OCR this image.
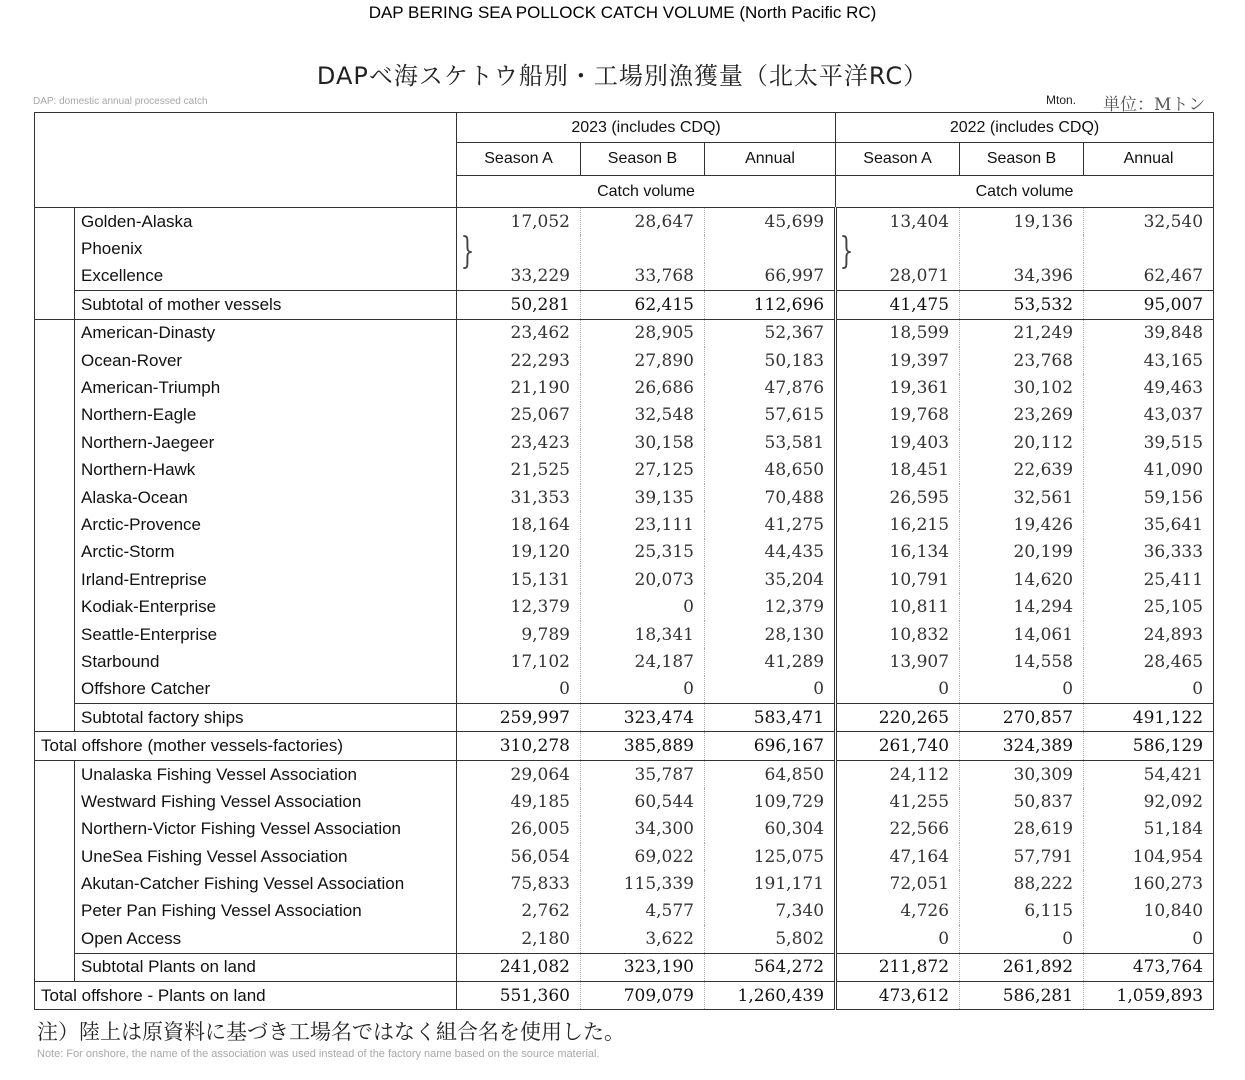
DAP BERING SEA POLLOCK CATCH VOLUME (North Pacific RC)
DAPベ海スケトウ船別・工場別漁獲量（北太平洋RC）
DAP: domestic annual processed catch	Mton. 単位：Mトン
		2023 (includes CDQ)			2022 (includes CDQ)		
		Season A	Season B	Annual	Season A	Season B	Annual
		Catch volume			Catch volume		
	Golden-Alaska	17,052	28,647	45,699	13,404	19,136	32,540
	Phoenix						
	Excellence	33,229	33,768	66,997	28,071	34,396	62,467
	Subtotal of mother vessels	50,281	62,415	112,696	41,475	53,532	95,007
	American-Dinasty	23,462	28,905	52,367	18,599	21,249	39,848
	Ocean-Rover	22,293	27,890	50,183	19,397	23,768	43,165
	American-Triumph	21,190	26,686	47,876	19,361	30,102	49,463
	Northern-Eagle	25,067	32,548	57,615	19,768	23,269	43,037
	Northern-Jaegeer	23,423	30,158	53,581	19,403	20,112	39,515
	Northern-Hawk	21,525	27,125	48,650	18,451	22,639	41,090
	Alaska-Ocean	31,353	39,135	70,488	26,595	32,561	59,156
	Arctic-Provence	18,164	23,111	41,275	16,215	19,426	35,641
	Arctic-Storm	19,120	25,315	44,435	16,134	20,199	36,333
	Irland-Entreprise	15,131	20,073	35,204	10,791	14,620	25,411
	Kodiak-Enterprise	12,379	0	12,379	10,811	14,294	25,105
	Seattle-Enterprise	9,789	18,341	28,130	10,832	14,061	24,893
	Starbound	17,102	24,187	41,289	13,907	14,558	28,465
	Offshore Catcher	0	0	0	0	0	0
	Subtotal factory ships	259,997	323,474	583,471	220,265	270,857	491,122
Total offshore (mother vessels-factories)		310,278	385,889	696,167	261,740	324,389	586,129
	Unalaska Fishing Vessel Association	29,064	35,787	64,850	24,112	30,309	54,421
	Westward Fishing Vessel Association	49,185	60,544	109,729	41,255	50,837	92,092
	Northern-Victor Fishing Vessel Association	26,005	34,300	60,304	22,566	28,619	51,184
	UneSea Fishing Vessel Association	56,054	69,022	125,075	47,164	57,791	104,954
	Akutan-Catcher Fishing Vessel Association	75,833	115,339	191,171	72,051	88,222	160,273
	Peter Pan Fishing Vessel Association	2,762	4,577	7,340	4,726	6,115	10,840
	Open Access	2,180	3,622	5,802	0	0	0
	Subtotal Plants on land	241,082	323,190	564,272	211,872	261,892	473,764
Total offshore - Plants on land		551,360	709,079	1,260,439	473,612	586,281	1,059,893
}	}
注）陸上は原資料に基づき工場名ではなく組合名を使用した。
Note: For onshore, the name of the association was used instead of the factory name based on the source material.
